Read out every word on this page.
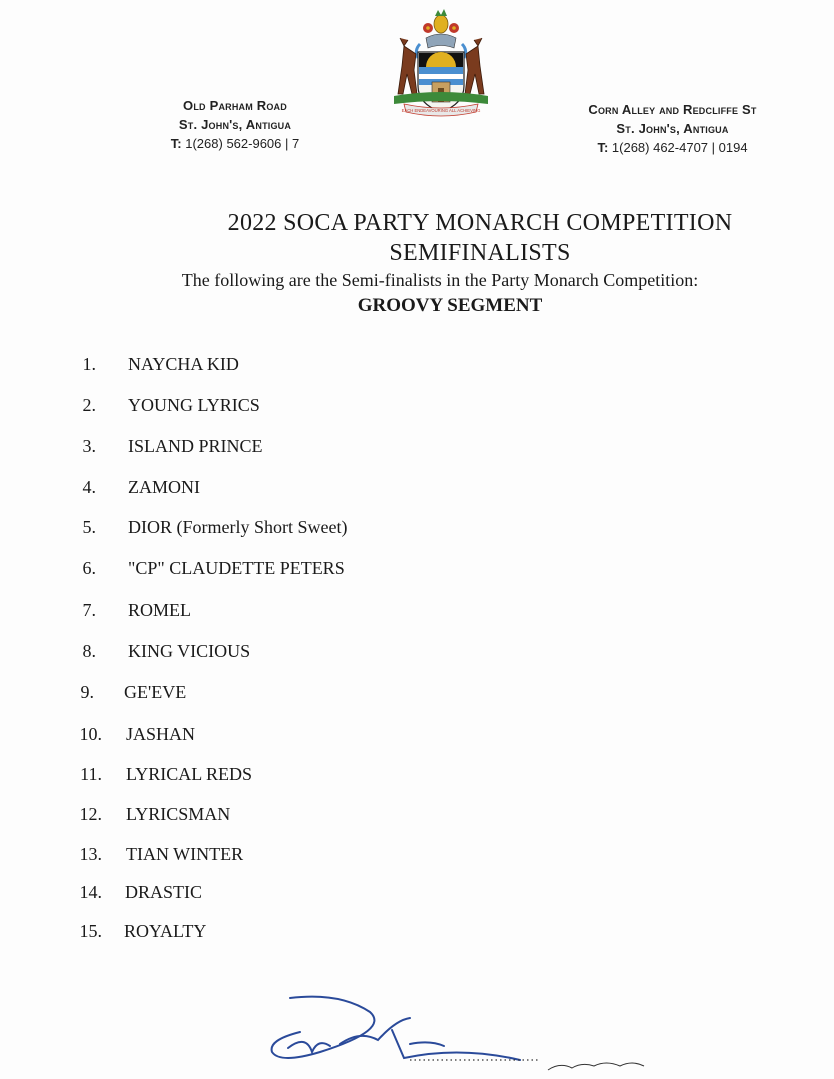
Old Parham Road
St. John's, Antigua
T: 1(268) 562-9606 | 7
EACH ENDEAVOURING ALL ACHIEVING	Corn Alley and Redcliffe St
St. John's, Antigua
T: 1(268) 462-4707 | 0194
2022 SOCA PARTY MONARCH COMPETITION
SEMIFINALISTS
The following are the Semi-finalists in the Party Monarch Competition:
GROOVY SEGMENT
1. NAYCHA KID
2. YOUNG LYRICS
3. ISLAND PRINCE
4. ZAMONI
5. DIOR (Formerly Short Sweet)
6. "CP" CLAUDETTE PETERS
7. ROMEL
8. KING VICIOUS
9. GE'EVE
10. JASHAN
11. LYRICAL REDS
12. LYRICSMAN
13. TIAN WINTER
14. DRASTIC
15. ROYALTY
